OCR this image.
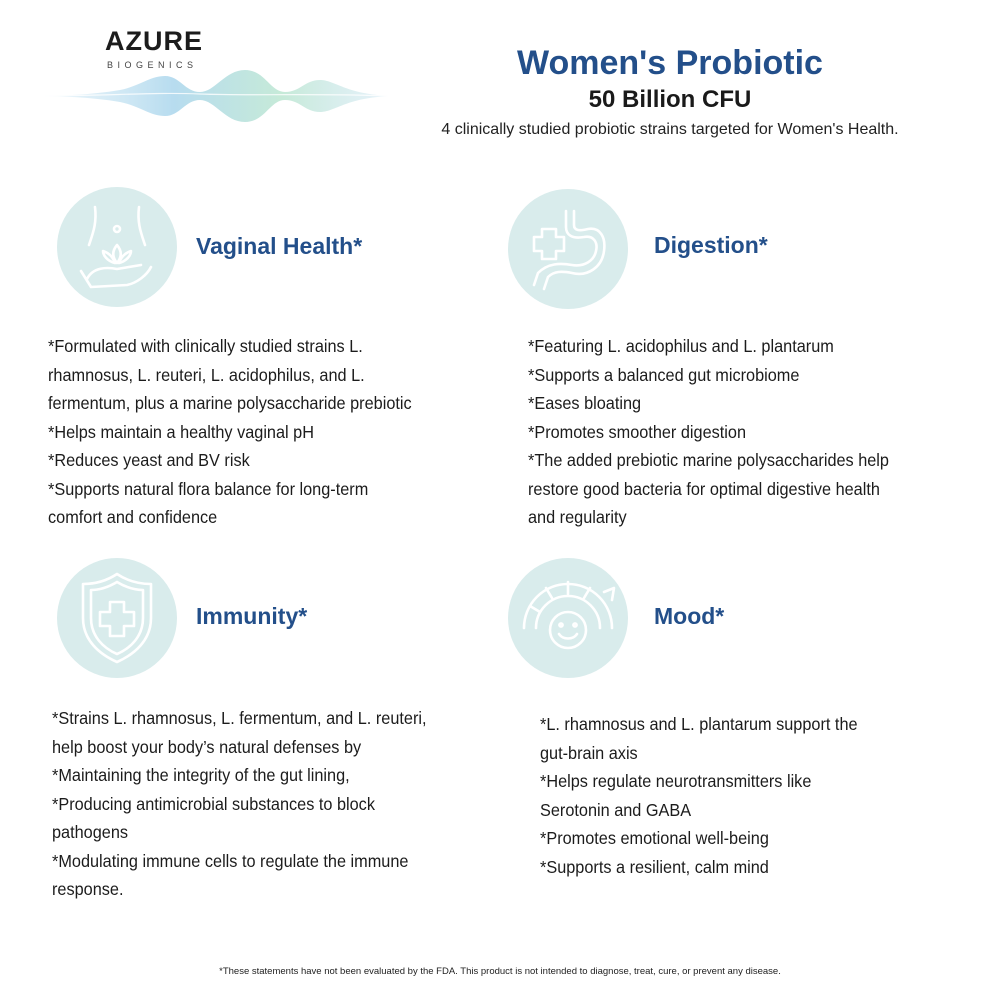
AZURE
BIOGENICS	Women's Probiotic
50 Billion CFU
4 clinically studied probiotic strains targeted for Women's Health.
Vaginal Health*

*Formulated with clinically studied strains L.

rhamnosus, L. reuteri, L. acidophilus, and L.

fermentum, plus a marine polysaccharide prebiotic

*Helps maintain a healthy vaginal pH

*Reduces yeast and BV risk

*Supports natural flora balance for long-term

comfort and confidence

Digestion*

*Featuring L. acidophilus and L. plantarum

*Supports a balanced gut microbiome

*Eases bloating

*Promotes smoother digestion

*The added prebiotic marine polysaccharides help

restore good bacteria for optimal digestive health

and regularity

Immunity*

*Strains L. rhamnosus, L. fermentum, and L. reuteri,

help boost your body’s natural defenses by

*Maintaining the integrity of the gut lining,

*Producing antimicrobial substances to block

pathogens

*Modulating immune cells to regulate the immune

response.

Mood*

*L. rhamnosus and L. plantarum support the

gut-brain axis

*Helps regulate neurotransmitters like

Serotonin and GABA

*Promotes emotional well-being

*Supports a resilient, calm mind

*These statements have not been evaluated by the FDA. This product is not intended to diagnose, treat, cure, or prevent any disease.
